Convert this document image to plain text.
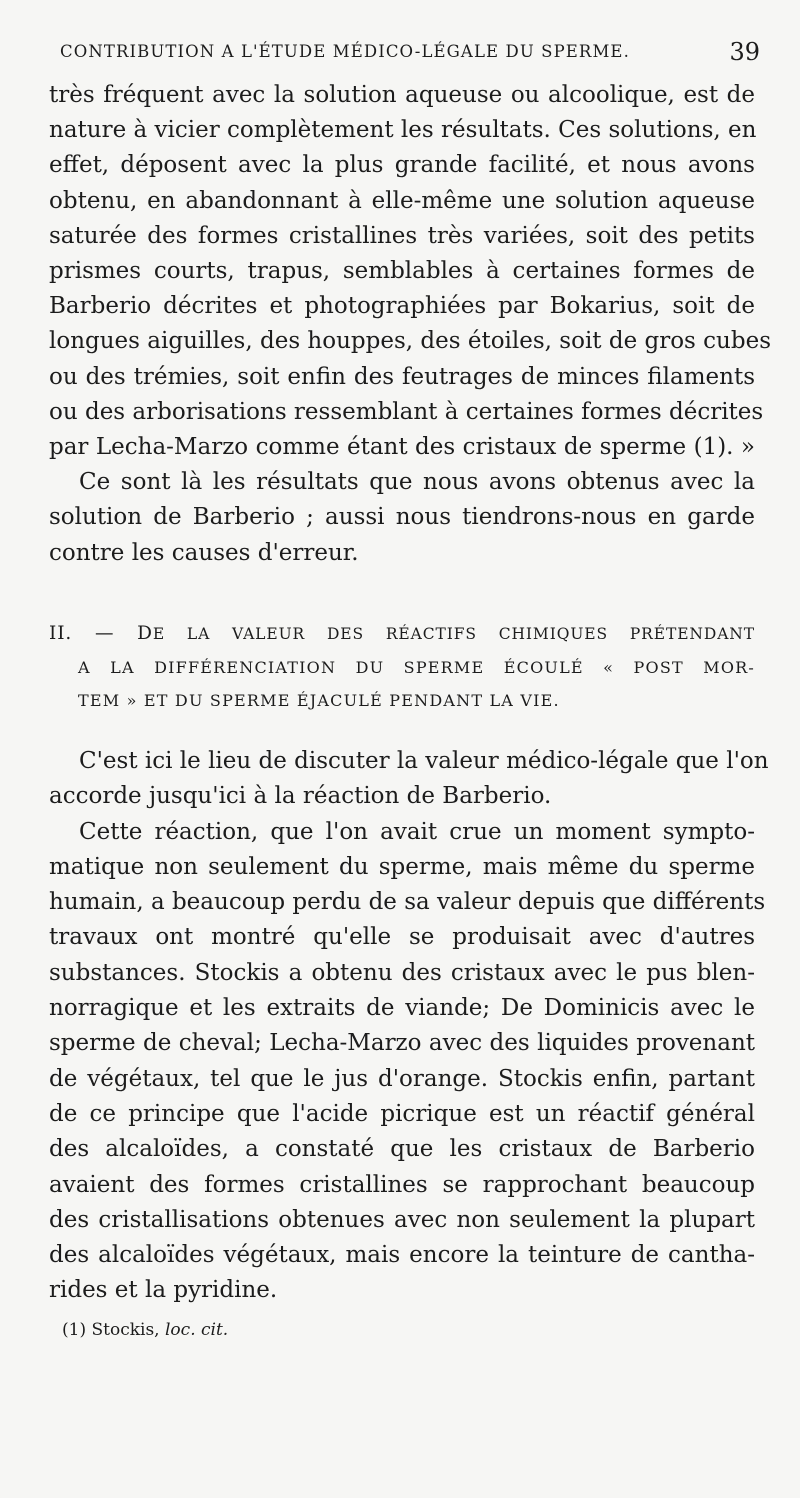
CONTRIBUTION A L'ÉTUDE MÉDICO-LÉGALE DU SPERME.	39
très fréquent avec la solution aqueuse ou alcoolique, est de
nature à vicier complètement les résultats. Ces solutions, en
effet, déposent avec la plus grande facilité, et nous avons
obtenu, en abandonnant à elle-même une solution aqueuse
saturée des formes cristallines très variées, soit des petits
prismes courts, trapus, semblables à certaines formes de
Barberio décrites et photographiées par Bokarius, soit de
longues aiguilles, des houppes, des étoiles, soit de gros cubes
ou des trémies, soit enfin des feutrages de minces filaments
ou des arborisations ressemblant à certaines formes décrites
par Lecha-Marzo comme étant des cristaux de sperme (1). »
Ce sont là les résultats que nous avons obtenus avec la
solution de Barberio ; aussi nous tiendrons-nous en garde
contre les causes d'erreur.
II. — DE LA VALEUR DES RÉACTIFS CHIMIQUES PRÉTENDANT
A LA DIFFÉRENCIATION DU SPERME ÉCOULÉ « POST MOR-
TEM » ET DU SPERME ÉJACULÉ PENDANT LA VIE.
C'est ici le lieu de discuter la valeur médico-légale que l'on
accorde jusqu'ici à la réaction de Barberio.
Cette réaction, que l'on avait crue un moment sympto-
matique non seulement du sperme, mais même du sperme
humain, a beaucoup perdu de sa valeur depuis que différents
travaux ont montré qu'elle se produisait avec d'autres
substances. Stockis a obtenu des cristaux avec le pus blen-
norragique et les extraits de viande; De Dominicis avec le
sperme de cheval; Lecha-Marzo avec des liquides provenant
de végétaux, tel que le jus d'orange. Stockis enfin, partant
de ce principe que l'acide picrique est un réactif général
des alcaloïdes, a constaté que les cristaux de Barberio
avaient des formes cristallines se rapprochant beaucoup
des cristallisations obtenues avec non seulement la plupart
des alcaloïdes végétaux, mais encore la teinture de cantha-
rides et la pyridine.
(1) Stockis, loc. cit.
